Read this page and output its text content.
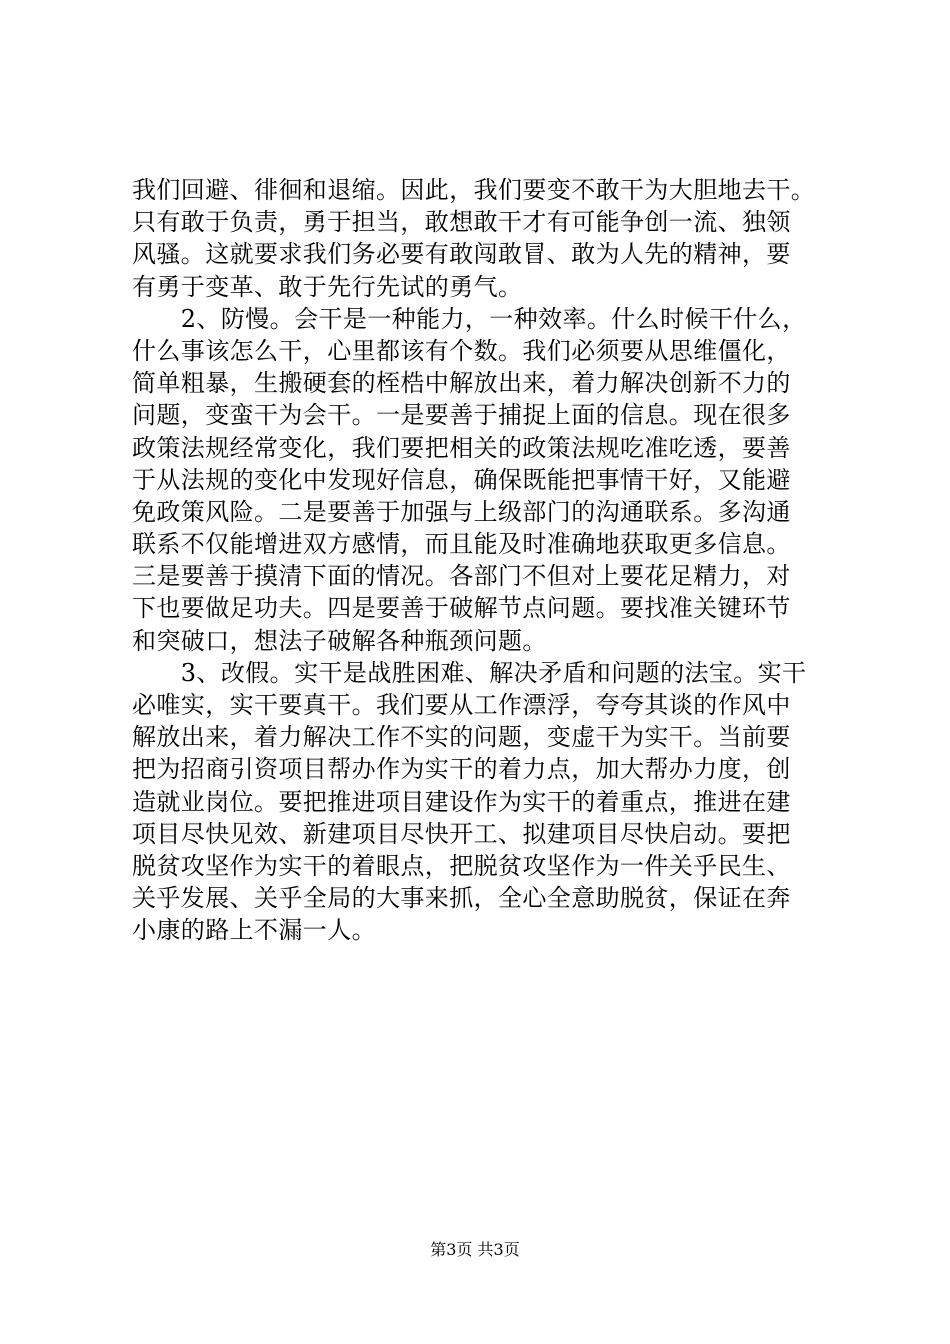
我们回避、徘徊和退缩。因此，我们要变不敢干为大胆地去干。
只有敢于负责，勇于担当，敢想敢干才有可能争创一流、独领
风骚。这就要求我们务必要有敢闯敢冒、敢为人先的精神，要
有勇于变革、敢于先行先试的勇气。
　　2、防慢。会干是一种能力，一种效率。什么时候干什么，
什么事该怎么干，心里都该有个数。我们必须要从思维僵化，
简单粗暴，生搬硬套的桎梏中解放出来，着力解决创新不力的
问题，变蛮干为会干。一是要善于捕捉上面的信息。现在很多
政策法规经常变化，我们要把相关的政策法规吃准吃透，要善
于从法规的变化中发现好信息，确保既能把事情干好，又能避
免政策风险。二是要善于加强与上级部门的沟通联系。多沟通
联系不仅能增进双方感情，而且能及时准确地获取更多信息。
三是要善于摸清下面的情况。各部门不但对上要花足精力，对
下也要做足功夫。四是要善于破解节点问题。要找准关键环节
和突破口，想法子破解各种瓶颈问题。
　　3、改假。实干是战胜困难、解决矛盾和问题的法宝。实干
必唯实，实干要真干。我们要从工作漂浮，夸夸其谈的作风中
解放出来，着力解决工作不实的问题，变虚干为实干。当前要
把为招商引资项目帮办作为实干的着力点，加大帮办力度，创
造就业岗位。要把推进项目建设作为实干的着重点，推进在建
项目尽快见效、新建项目尽快开工、拟建项目尽快启动。要把
脱贫攻坚作为实干的着眼点，把脱贫攻坚作为一件关乎民生、
关乎发展、关乎全局的大事来抓，全心全意助脱贫，保证在奔
小康的路上不漏一人。
第3页 共3页
